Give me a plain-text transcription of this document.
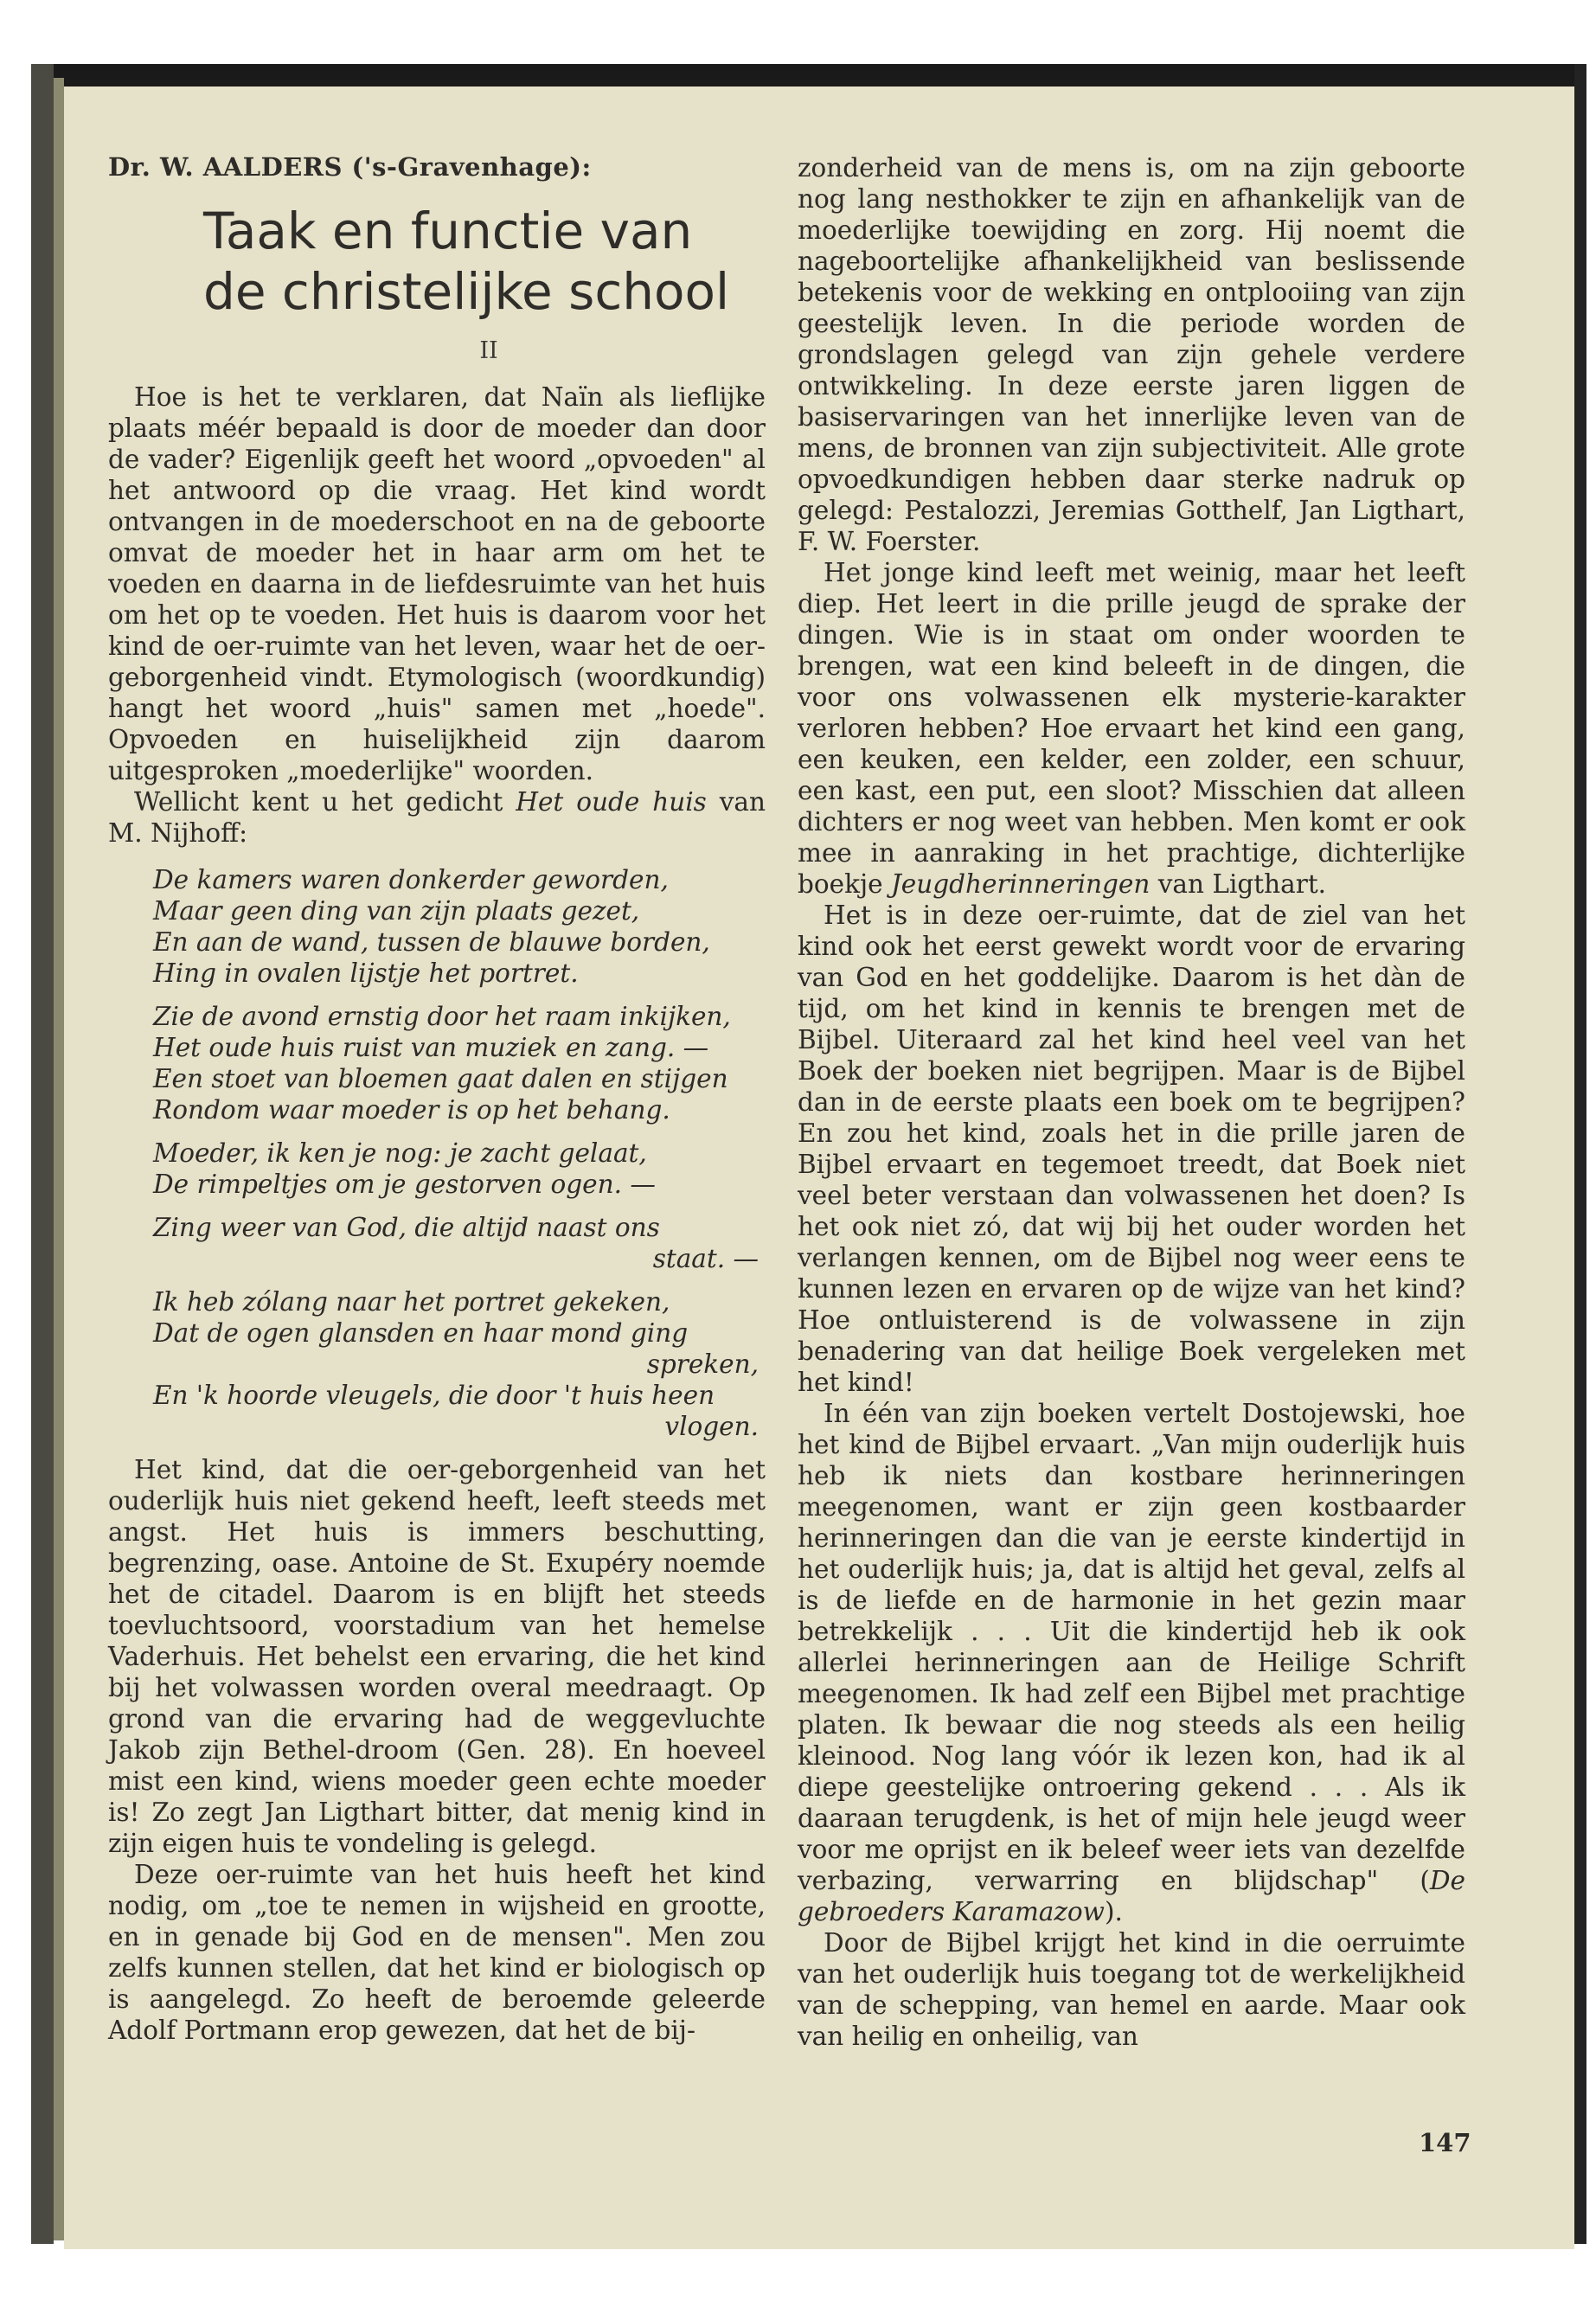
Dr. W. AALDERS ('s-Gravenhage):
Taak en functie van
de christelijke school
II

Hoe is het te verklaren, dat Naïn als lieflijke plaats méér bepaald is door de moeder dan door de vader? Eigenlijk geeft het woord „opvoeden" al het antwoord op die vraag. Het kind wordt ontvangen in de moederschoot en na de geboorte omvat de moeder het in haar arm om het te voeden en daarna in de liefdesruimte van het huis om het op te voeden. Het huis is daarom voor het kind de oer-ruimte van het leven, waar het de oer-geborgenheid vindt. Etymologisch (woordkundig) hangt het woord „huis" samen met „hoede". Opvoeden en huiselijkheid zijn daarom uitgesproken „moederlijke" woorden.

Wellicht kent u het gedicht Het oude huis van M. Nijhoff:

De kamers waren donkerder geworden,
Maar geen ding van zijn plaats gezet,
En aan de wand, tussen de blauwe borden,
Hing in ovalen lijstje het portret.
Zie de avond ernstig door het raam inkijken,
Het oude huis ruist van muziek en zang. —
Een stoet van bloemen gaat dalen en stijgen
Rondom waar moeder is op het behang.
Moeder, ik ken je nog: je zacht gelaat,
De rimpeltjes om je gestorven ogen. —
Zing weer van God, die altijd naast ons
staat. —
Ik heb zólang naar het portret gekeken,
Dat de ogen glansden en haar mond ging
spreken,
En 'k hoorde vleugels, die door 't huis heen
vlogen.

Het kind, dat die oer-geborgenheid van het ouderlijk huis niet gekend heeft, leeft steeds met angst. Het huis is immers beschutting, begrenzing, oase. Antoine de St. Exupéry noemde het de citadel. Daarom is en blijft het steeds toevluchtsoord, voorstadium van het hemelse Vaderhuis. Het behelst een ervaring, die het kind bij het volwassen worden overal meedraagt. Op grond van die ervaring had de weggevluchte Jakob zijn Bethel-droom (Gen. 28). En hoeveel mist een kind, wiens moeder geen echte moeder is! Zo zegt Jan Ligthart bitter, dat menig kind in zijn eigen huis te vondeling is gelegd.

Deze oer-ruimte van het huis heeft het kind nodig, om „toe te nemen in wijsheid en grootte, en in genade bij God en de mensen". Men zou zelfs kunnen stellen, dat het kind er biologisch op is aangelegd. Zo heeft de beroemde geleerde Adolf Portmann erop gewezen, dat het de bij-

zonderheid van de mens is, om na zijn geboorte nog lang nesthokker te zijn en afhankelijk van de moederlijke toewijding en zorg. Hij noemt die nageboortelijke afhankelijkheid van beslissende betekenis voor de wekking en ontplooiing van zijn geestelijk leven. In die periode worden de grondslagen gelegd van zijn gehele verdere ontwikkeling. In deze eerste jaren liggen de basiservaringen van het innerlijke leven van de mens, de bronnen van zijn subjectiviteit. Alle grote opvoedkundigen hebben daar sterke nadruk op gelegd: Pestalozzi, Jeremias Gotthelf, Jan Ligthart, F. W. Foerster.

Het jonge kind leeft met weinig, maar het leeft diep. Het leert in die prille jeugd de sprake der dingen. Wie is in staat om onder woorden te brengen, wat een kind beleeft in de dingen, die voor ons volwassenen elk mysterie-karakter verloren hebben? Hoe ervaart het kind een gang, een keuken, een kelder, een zolder, een schuur, een kast, een put, een sloot? Misschien dat alleen dichters er nog weet van hebben. Men komt er ook mee in aanraking in het prachtige, dichterlijke boekje Jeugdherinneringen van Ligthart.

Het is in deze oer-ruimte, dat de ziel van het kind ook het eerst gewekt wordt voor de ervaring van God en het goddelijke. Daarom is het dàn de tijd, om het kind in kennis te brengen met de Bijbel. Uiteraard zal het kind heel veel van het Boek der boeken niet begrijpen. Maar is de Bijbel dan in de eerste plaats een boek om te begrijpen? En zou het kind, zoals het in die prille jaren de Bijbel ervaart en tegemoet treedt, dat Boek niet veel beter verstaan dan volwassenen het doen? Is het ook niet zó, dat wij bij het ouder worden het verlangen kennen, om de Bijbel nog weer eens te kunnen lezen en ervaren op de wijze van het kind? Hoe ontluisterend is de volwassene in zijn benadering van dat heilige Boek vergeleken met het kind!

In één van zijn boeken vertelt Dostojewski, hoe het kind de Bijbel ervaart. „Van mijn ouderlijk huis heb ik niets dan kostbare herinneringen meegenomen, want er zijn geen kostbaarder herinneringen dan die van je eerste kindertijd in het ouderlijk huis; ja, dat is altijd het geval, zelfs al is de liefde en de harmonie in het gezin maar betrekkelijk . . . Uit die kindertijd heb ik ook allerlei herinneringen aan de Heilige Schrift meegenomen. Ik had zelf een Bijbel met prachtige platen. Ik bewaar die nog steeds als een heilig kleinood. Nog lang vóór ik lezen kon, had ik al diepe geestelijke ontroering gekend . . . Als ik daaraan terugdenk, is het of mijn hele jeugd weer voor me oprijst en ik beleef weer iets van dezelfde verbazing, verwarring en blijdschap" (De gebroeders Karamazow).

Door de Bijbel krijgt het kind in die oerruimte van het ouderlijk huis toegang tot de werkelijkheid van de schepping, van hemel en aarde. Maar ook van heilig en onheilig, van

147
